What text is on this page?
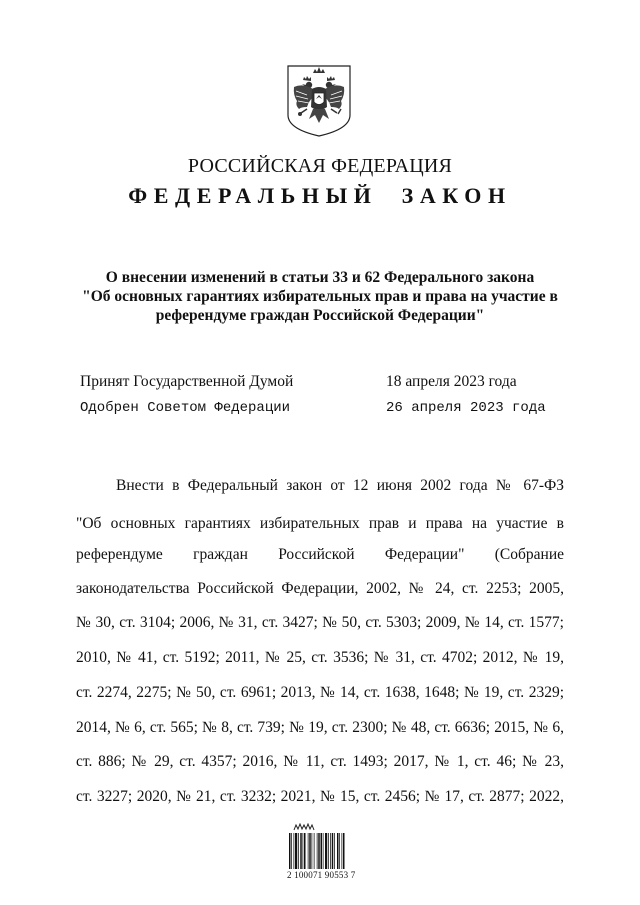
РОССИЙСКАЯ ФЕДЕРАЦИЯ
ФЕДЕРАЛЬНЫЙ ЗАКОН
О внесении изменений в статьи 33 и 62 Федерального закона
"Об основных гарантиях избирательных прав и права на участие в
референдуме граждан Российской Федерации"
Принят Государственной Думой	18 апреля 2023 года
Одобрен Советом Федерации	26 апреля 2023 года
Внести в Федеральный закон от 12 июня 2002 года № 67-ФЗ
"Об основных гарантиях избирательных прав и права на участие в
референдуме граждан Российской Федерации" (Собрание
законодательства Российской Федерации, 2002, № 24, ст. 2253; 2005,
№ 30, ст. 3104; 2006, № 31, ст. 3427; № 50, ст. 5303; 2009, № 14, ст. 1577;
2010, № 41, ст. 5192; 2011, № 25, ст. 3536; № 31, ст. 4702; 2012, № 19,
ст. 2274, 2275; № 50, ст. 6961; 2013, № 14, ст. 1638, 1648; № 19, ст. 2329;
2014, № 6, ст. 565; № 8, ст. 739; № 19, ст. 2300; № 48, ст. 6636; 2015, № 6,
ст. 886; № 29, ст. 4357; 2016, № 11, ст. 1493; 2017, № 1, ст. 46; № 23,
ст. 3227; 2020, № 21, ст. 3232; 2021, № 15, ст. 2456; № 17, ст. 2877; 2022,
2 100071 90553 7
